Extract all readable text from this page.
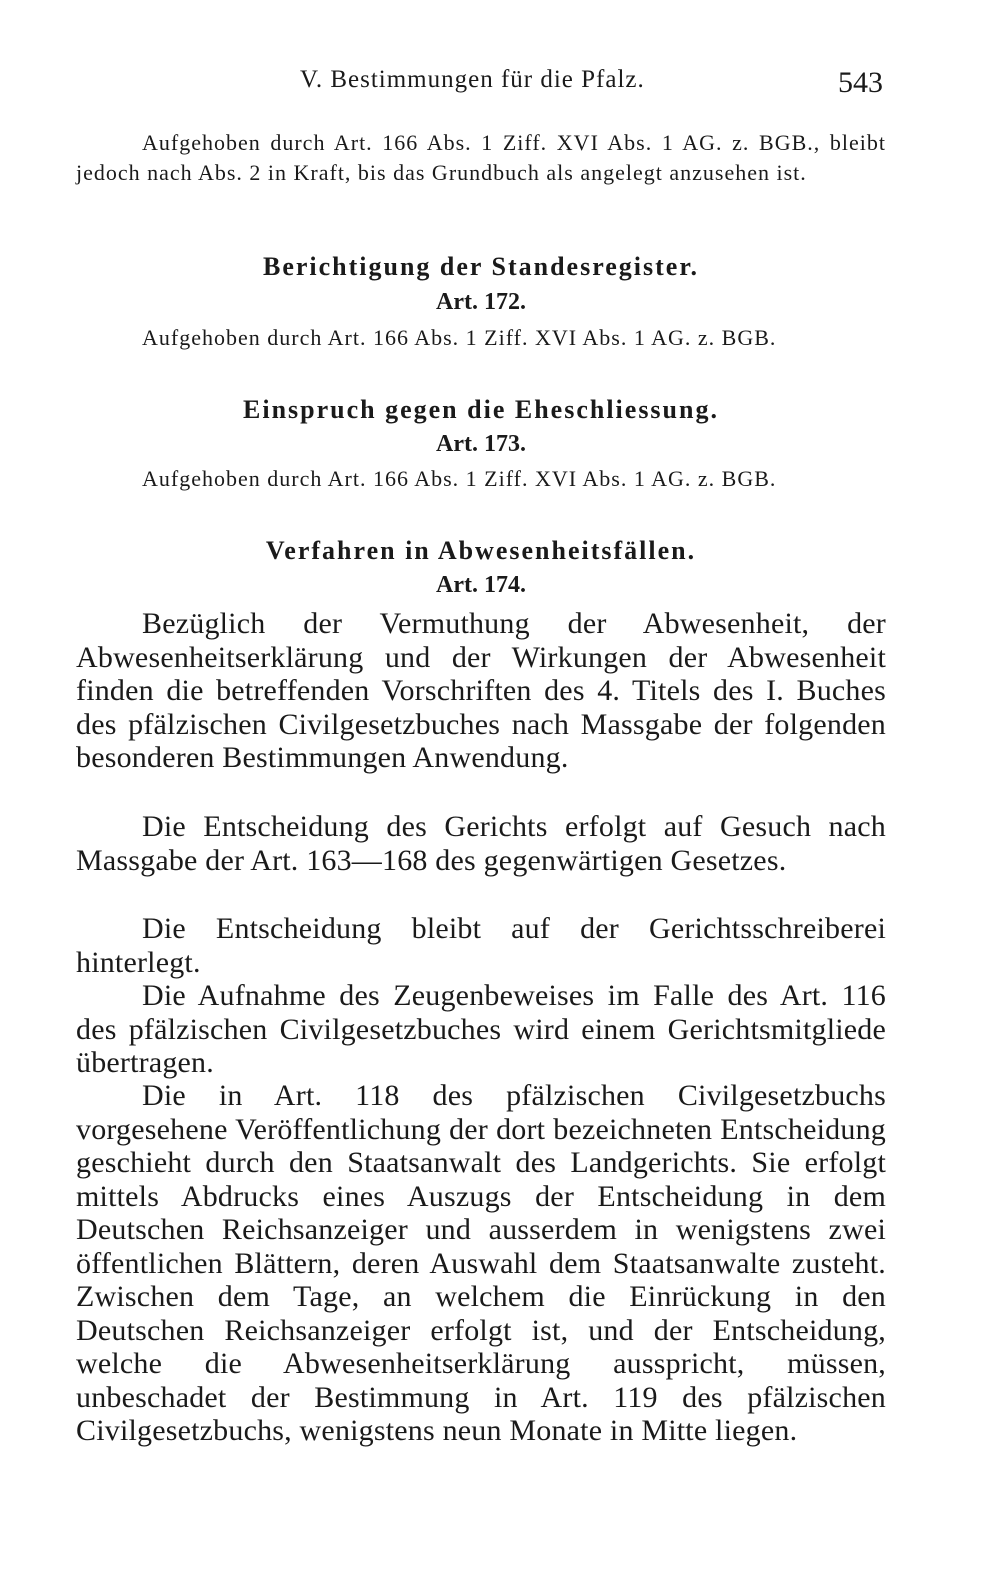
V. Bestimmungen für die Pfalz.	543
Aufgehoben durch Art. 166 Abs. 1 Ziff. XVI Abs. 1 AG. z. BGB., bleibt jedoch nach Abs. 2 in Kraft, bis das Grundbuch als angelegt anzusehen ist.
Berichtigung der Standesregister.
Art. 172.
Aufgehoben durch Art. 166 Abs. 1 Ziff. XVI Abs. 1 AG. z. BGB.
Einspruch gegen die Eheschliessung.
Art. 173.
Aufgehoben durch Art. 166 Abs. 1 Ziff. XVI Abs. 1 AG. z. BGB.
Verfahren in Abwesenheitsfällen.
Art. 174.
Bezüglich der Vermuthung der Abwesenheit, der Abwesenheitserklärung und der Wirkungen der Abwesenheit finden die betreffenden Vorschriften des 4. Titels des I. Buches des pfälzischen Civilgesetzbuches nach Massgabe der folgenden besonderen Bestimmungen Anwendung.
Die Entscheidung des Gerichts erfolgt auf Gesuch nach Massgabe der Art. 163—168 des gegenwärtigen Gesetzes.
Die Entscheidung bleibt auf der Gerichtsschreiberei hinterlegt.
Die Aufnahme des Zeugenbeweises im Falle des Art. 116 des pfälzischen Civilgesetzbuches wird einem Gerichtsmitgliede übertragen.
Die in Art. 118 des pfälzischen Civilgesetzbuchs vorgesehene Veröffentlichung der dort bezeichneten Entscheidung geschieht durch den Staatsanwalt des Landgerichts. Sie erfolgt mittels Abdrucks eines Auszugs der Entscheidung in dem Deutschen Reichsanzeiger und ausserdem in wenigstens zwei öffentlichen Blättern, deren Auswahl dem Staatsanwalte zusteht. Zwischen dem Tage, an welchem die Einrückung in den Deutschen Reichsanzeiger erfolgt ist, und der Entscheidung, welche die Abwesenheitserklärung ausspricht, müssen, unbeschadet der Bestimmung in Art. 119 des pfälzischen Civilgesetzbuchs, wenigstens neun Monate in Mitte liegen.
